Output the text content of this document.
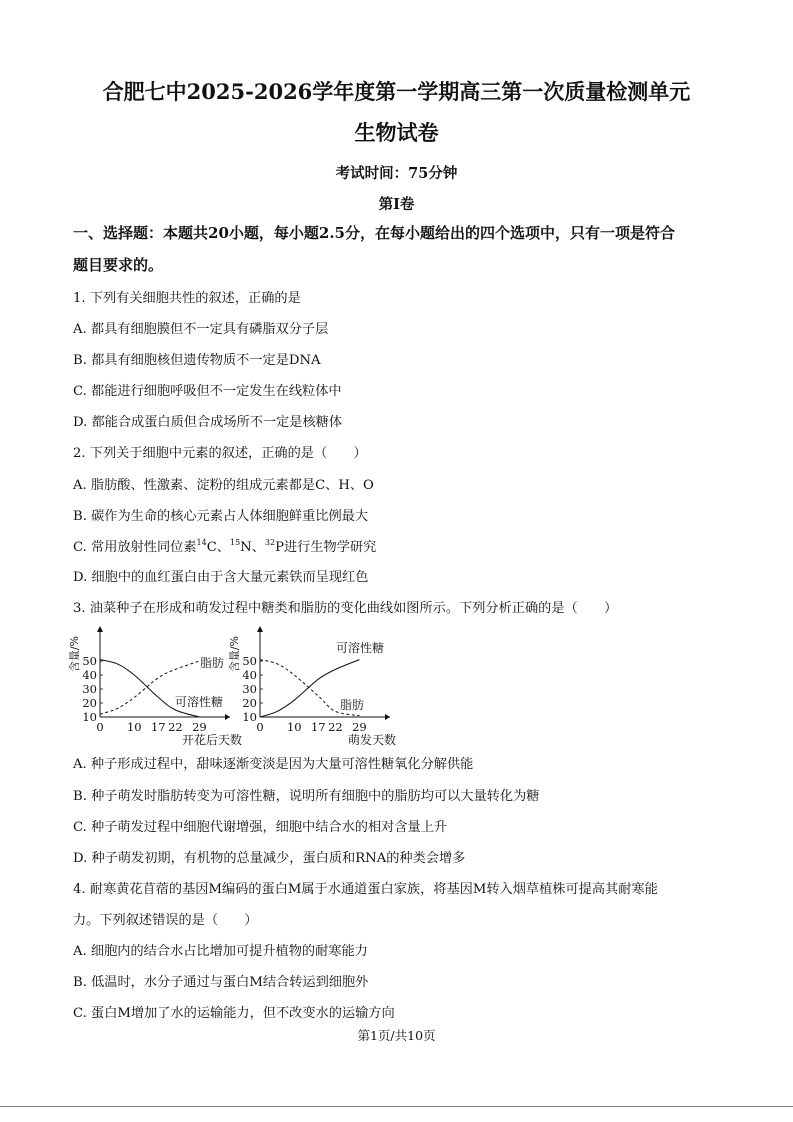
合肥七中2025-2026学年度第一学期高三第一次质量检测单元
生物试卷
考试时间：75分钟
第I卷
一、选择题：本题共20小题，每小题2.5分，在每小题给出的四个选项中，只有一项是符合
题目要求的。
1. 下列有关细胞共性的叙述，正确的是
A. 都具有细胞膜但不一定具有磷脂双分子层
B. 都具有细胞核但遗传物质不一定是DNA
C. 都能进行细胞呼吸但不一定发生在线粒体中
D. 都能合成蛋白质但合成场所不一定是核糖体
2. 下列关于细胞中元素的叙述，正确的是（　　）
A. 脂肪酸、性激素、淀粉的组成元素都是C、H、O
B. 碳作为生命的核心元素占人体细胞鲜重比例最大
C. 常用放射性同位素$^{14}$C、$^{15}$N、$^{32}$P进行生物学研究
D. 细胞中的血红蛋白由于含大量元素铁而呈现红色
3. 油菜种子在形成和萌发过程中糖类和脂肪的变化曲线如图所示。下列分析正确的是（　　）
含量/%
10
20
30
40
50
0 10 17 22 29
开花后天数
脂肪
可溶性糖
含量/%
10
20
30
40
50
0 10 17 22 29
萌发天数
可溶性糖
脂肪
A. 种子形成过程中，甜味逐渐变淡是因为大量可溶性糖氧化分解供能
B. 种子萌发时脂肪转变为可溶性糖，说明所有细胞中的脂肪均可以大量转化为糖
C. 种子萌发过程中细胞代谢增强，细胞中结合水的相对含量上升
D. 种子萌发初期，有机物的总量减少，蛋白质和RNA的种类会增多
4. 耐寒黄花苜蓿的基因M编码的蛋白M属于水通道蛋白家族，将基因M转入烟草植株可提高其耐寒能
力。下列叙述错误的是（　　）
A. 细胞内的结合水占比增加可提升植物的耐寒能力
B. 低温时，水分子通过与蛋白M结合转运到细胞外
C. 蛋白M增加了水的运输能力，但不改变水的运输方向
第1页/共10页
